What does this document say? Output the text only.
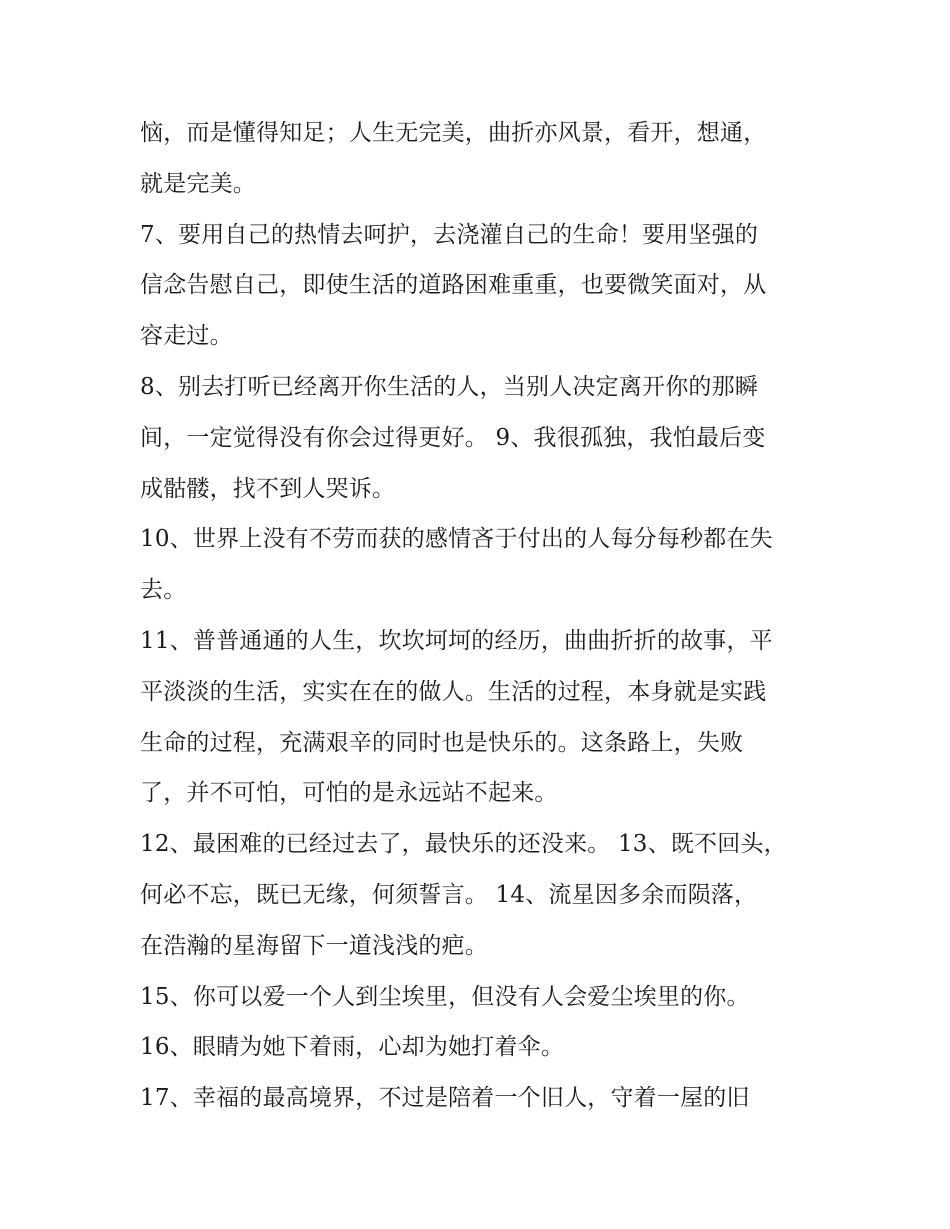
恼，而是懂得知足；人生无完美，曲折亦风景，看开，想通，
就是完美。
7、要用自己的热情去呵护，去浇灌自己的生命！要用坚强的
信念告慰自己，即使生活的道路困难重重，也要微笑面对，从
容走过。
8、别去打听已经离开你生活的人，当别人决定离开你的那瞬
间，一定觉得没有你会过得更好。 9、我很孤独，我怕最后变
成骷髅，找不到人哭诉。
10、世界上没有不劳而获的感情吝于付出的人每分每秒都在失
去。
11、普普通通的人生，坎坎坷坷的经历，曲曲折折的故事，平
平淡淡的生活，实实在在的做人。生活的过程，本身就是实践
生命的过程，充满艰辛的同时也是快乐的。这条路上，失败
了，并不可怕，可怕的是永远站不起来。
12、最困难的已经过去了，最快乐的还没来。 13、既不回头，
何必不忘，既已无缘，何须誓言。 14、流星因多余而陨落，
在浩瀚的星海留下一道浅浅的疤。
15、你可以爱一个人到尘埃里，但没有人会爱尘埃里的你。
16、眼睛为她下着雨，心却为她打着伞。
17、幸福的最高境界，不过是陪着一个旧人，守着一屋的旧
